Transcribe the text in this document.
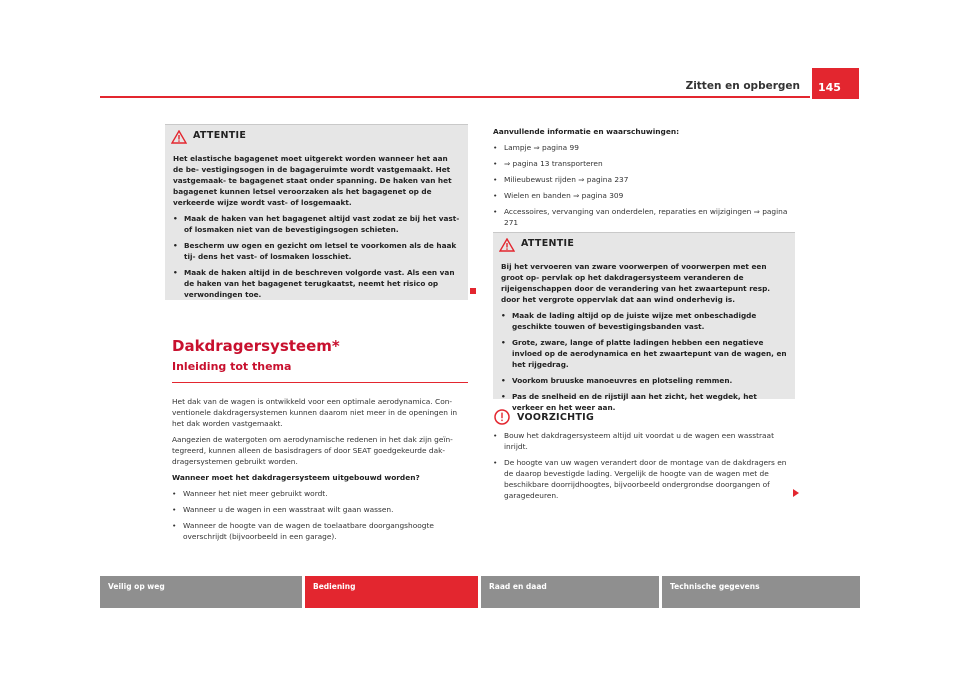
Zitten en opbergen	145
ATTENTIE

Het elastische bagagenet moet uitgerekt worden wanneer het aan de be- vestigingsogen in de bagageruimte wordt vastgemaakt. Het vastgemaak- te bagagenet staat onder spanning. De haken van het bagagenet kunnen letsel veroorzaken als het bagagenet op de verkeerde wijze wordt vast- of losgemaakt.

• Maak de haken van het bagagenet altijd vast zodat ze bij het vast- of losmaken niet van de bevestigingsogen schieten.

• Bescherm uw ogen en gezicht om letsel te voorkomen als de haak tij- dens het vast- of losmaken losschiet.

• Maak de haken altijd in de beschreven volgorde vast. Als een van de haken van het bagagenet terugkaatst, neemt het risico op verwondingen toe.

Dakdragersysteem*
Inleiding tot thema

Het dak van de wagen is ontwikkeld voor een optimale aerodynamica. Con- ventionele dakdragersystemen kunnen daarom niet meer in de openingen in het dak worden vastgemaakt.

Aangezien de watergoten om aerodynamische redenen in het dak zijn geïn- tegreerd, kunnen alleen de basisdragers of door SEAT goedgekeurde dak- dragersystemen gebruikt worden.

Wanneer moet het dakdragersysteem uitgebouwd worden?

• Wanneer het niet meer gebruikt wordt.

• Wanneer u de wagen in een wasstraat wilt gaan wassen.

• Wanneer de hoogte van de wagen de toelaatbare doorgangshoogte overschrijdt (bijvoorbeeld in een garage).

Aanvullende informatie en waarschuwingen:

• Lampje ⇒ pagina 99

• ⇒ pagina 13 transporteren

• Milieubewust rijden ⇒ pagina 237

• Wielen en banden ⇒ pagina 309

• Accessoires, vervanging van onderdelen, reparaties en wijzigingen ⇒ pagina 271

ATTENTIE

Bij het vervoeren van zware voorwerpen of voorwerpen met een groot op- pervlak op het dakdragersysteem veranderen de rijeigenschappen door de verandering van het zwaartepunt resp. door het vergrote oppervlak dat aan wind onderhevig is.

• Maak de lading altijd op de juiste wijze met onbeschadigde geschikte touwen of bevestigingsbanden vast.

• Grote, zware, lange of platte ladingen hebben een negatieve invloed op de aerodynamica en het zwaartepunt van de wagen, en het rijgedrag.

• Voorkom bruuske manoeuvres en plotseling remmen.

• Pas de snelheid en de rijstijl aan het zicht, het wegdek, het verkeer en het weer aan.

VOORZICHTIG

• Bouw het dakdragersysteem altijd uit voordat u de wagen een wasstraat inrijdt.

• De hoogte van uw wagen verandert door de montage van de dakdragers en de daarop bevestigde lading. Vergelijk de hoogte van de wagen met de beschikbare doorrijdhoogtes, bijvoorbeeld ondergrondse doorgangen of garagedeuren.

Veilig op weg	Bediening	Raad en daad	Technische gegevens
